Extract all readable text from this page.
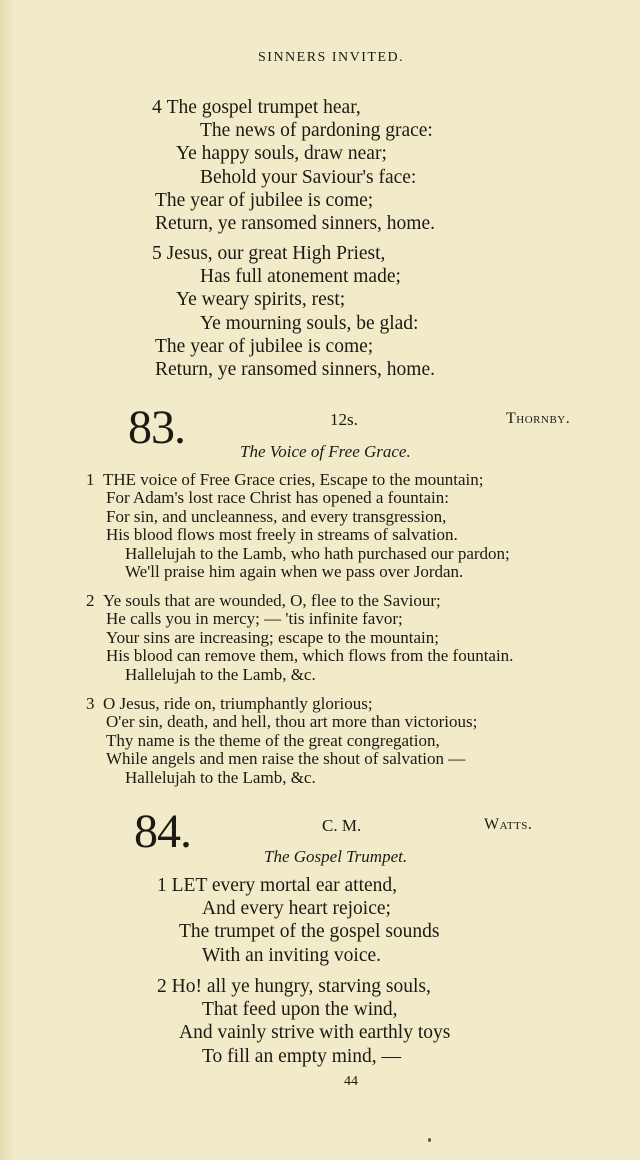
SINNERS INVITED.
4 The gospel trumpet hear,
The news of pardoning grace:
Ye happy souls, draw near;
Behold your Saviour's face:
The year of jubilee is come;
Return, ye ransomed sinners, home.
5 Jesus, our great High Priest,
Has full atonement made;
Ye weary spirits, rest;
Ye mourning souls, be glad:
The year of jubilee is come;
Return, ye ransomed sinners, home.
83.	12s.	Thornby.
The Voice of Free Grace.
1 THE voice of Free Grace cries, Escape to the mountain;
For Adam's lost race Christ has opened a fountain:
For sin, and uncleanness, and every transgression,
His blood flows most freely in streams of salvation.
Hallelujah to the Lamb, who hath purchased our pardon;
We'll praise him again when we pass over Jordan.
2 Ye souls that are wounded, O, flee to the Saviour;
He calls you in mercy; — 'tis infinite favor;
Your sins are increasing; escape to the mountain;
His blood can remove them, which flows from the fountain.
Hallelujah to the Lamb, &c.
3 O Jesus, ride on, triumphantly glorious;
O'er sin, death, and hell, thou art more than victorious;
Thy name is the theme of the great congregation,
While angels and men raise the shout of salvation —
Hallelujah to the Lamb, &c.
84.	C. M.	Watts.
The Gospel Trumpet.
1 LET every mortal ear attend,
And every heart rejoice;
The trumpet of the gospel sounds
With an inviting voice.
2 Ho! all ye hungry, starving souls,
That feed upon the wind,
And vainly strive with earthly toys
To fill an empty mind, —
44
